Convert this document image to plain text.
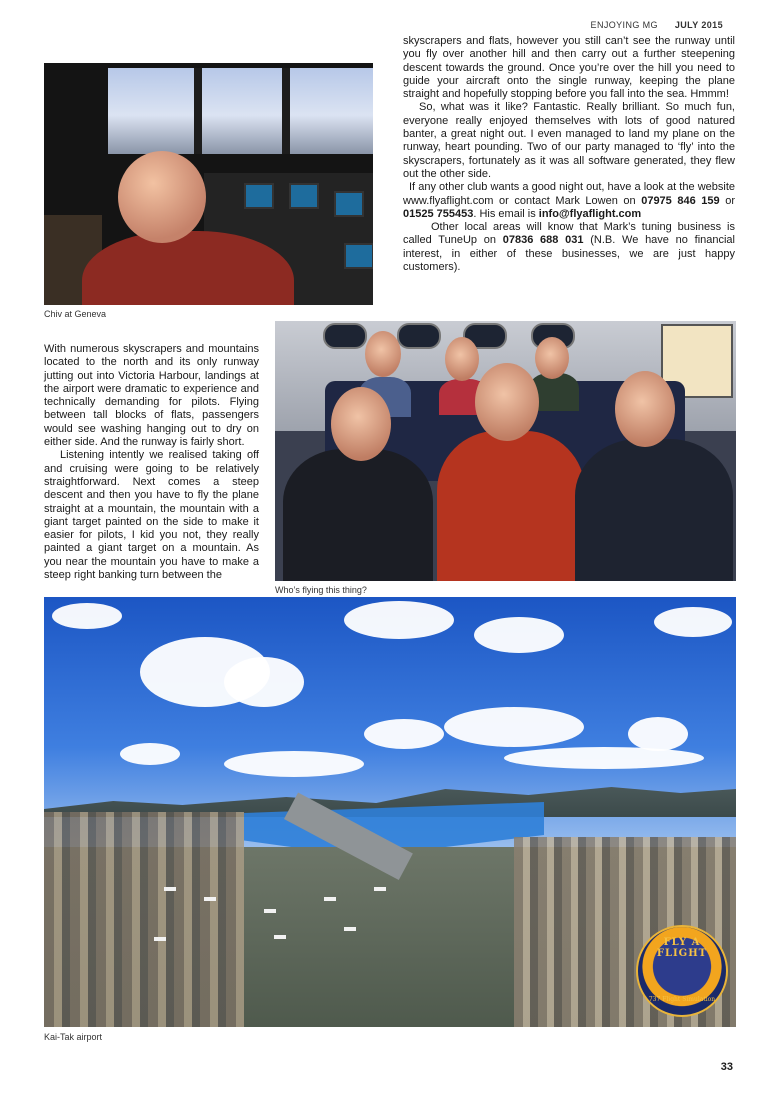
ENJOYING MG JULY 2015
Chiv at Geneva

skyscrapers and flats, however you still can’t see the runway until you fly over another hill and then carry out a further steepening descent towards the ground. Once you’re over the hill you need to guide your aircraft onto the single runway, keeping the plane straight and hopefully stopping before you fall into the sea. Hmmm!

So, what was it like? Fantastic. Really brilliant. So much fun, everyone really enjoyed themselves with lots of good natured banter, a great night out. I even managed to land my plane on the runway, heart pounding. Two of our party managed to ‘fly’ into the skyscrapers, fortunately as it was all software generated, they flew out the other side.

If any other club wants a good night out, have a look at the website www.flyaflight.com or contact Mark Lowen on 07975 846 159 or 01525 755453. His email is info@flyaflight.com

Other local areas will know that Mark’s tuning business is called TuneUp on 07836 688 031 (N.B. We have no financial interest, in either of these businesses, we are just happy customers).

With numerous skyscrapers and mountains located to the north and its only runway jutting out into Victoria Harbour, landings at the airport were dramatic to experience and technically demanding for pilots. Flying between tall blocks of flats, passengers would see washing hanging out to dry on either side. And the runway is fairly short.

Listening intently we realised taking off and cruising were going to be relatively straightforward. Next comes a steep descent and then you have to fly the plane straight at a mountain, the mountain with a giant target painted on the side to make it easier for pilots, I kid you not, they really painted a giant target on a mountain. As you near the mountain you have to make a steep right banking turn between the

Who’s flying this thing?
FLY A FLIGHT
737 Flight Simulation
Kai-Tak airport
33
